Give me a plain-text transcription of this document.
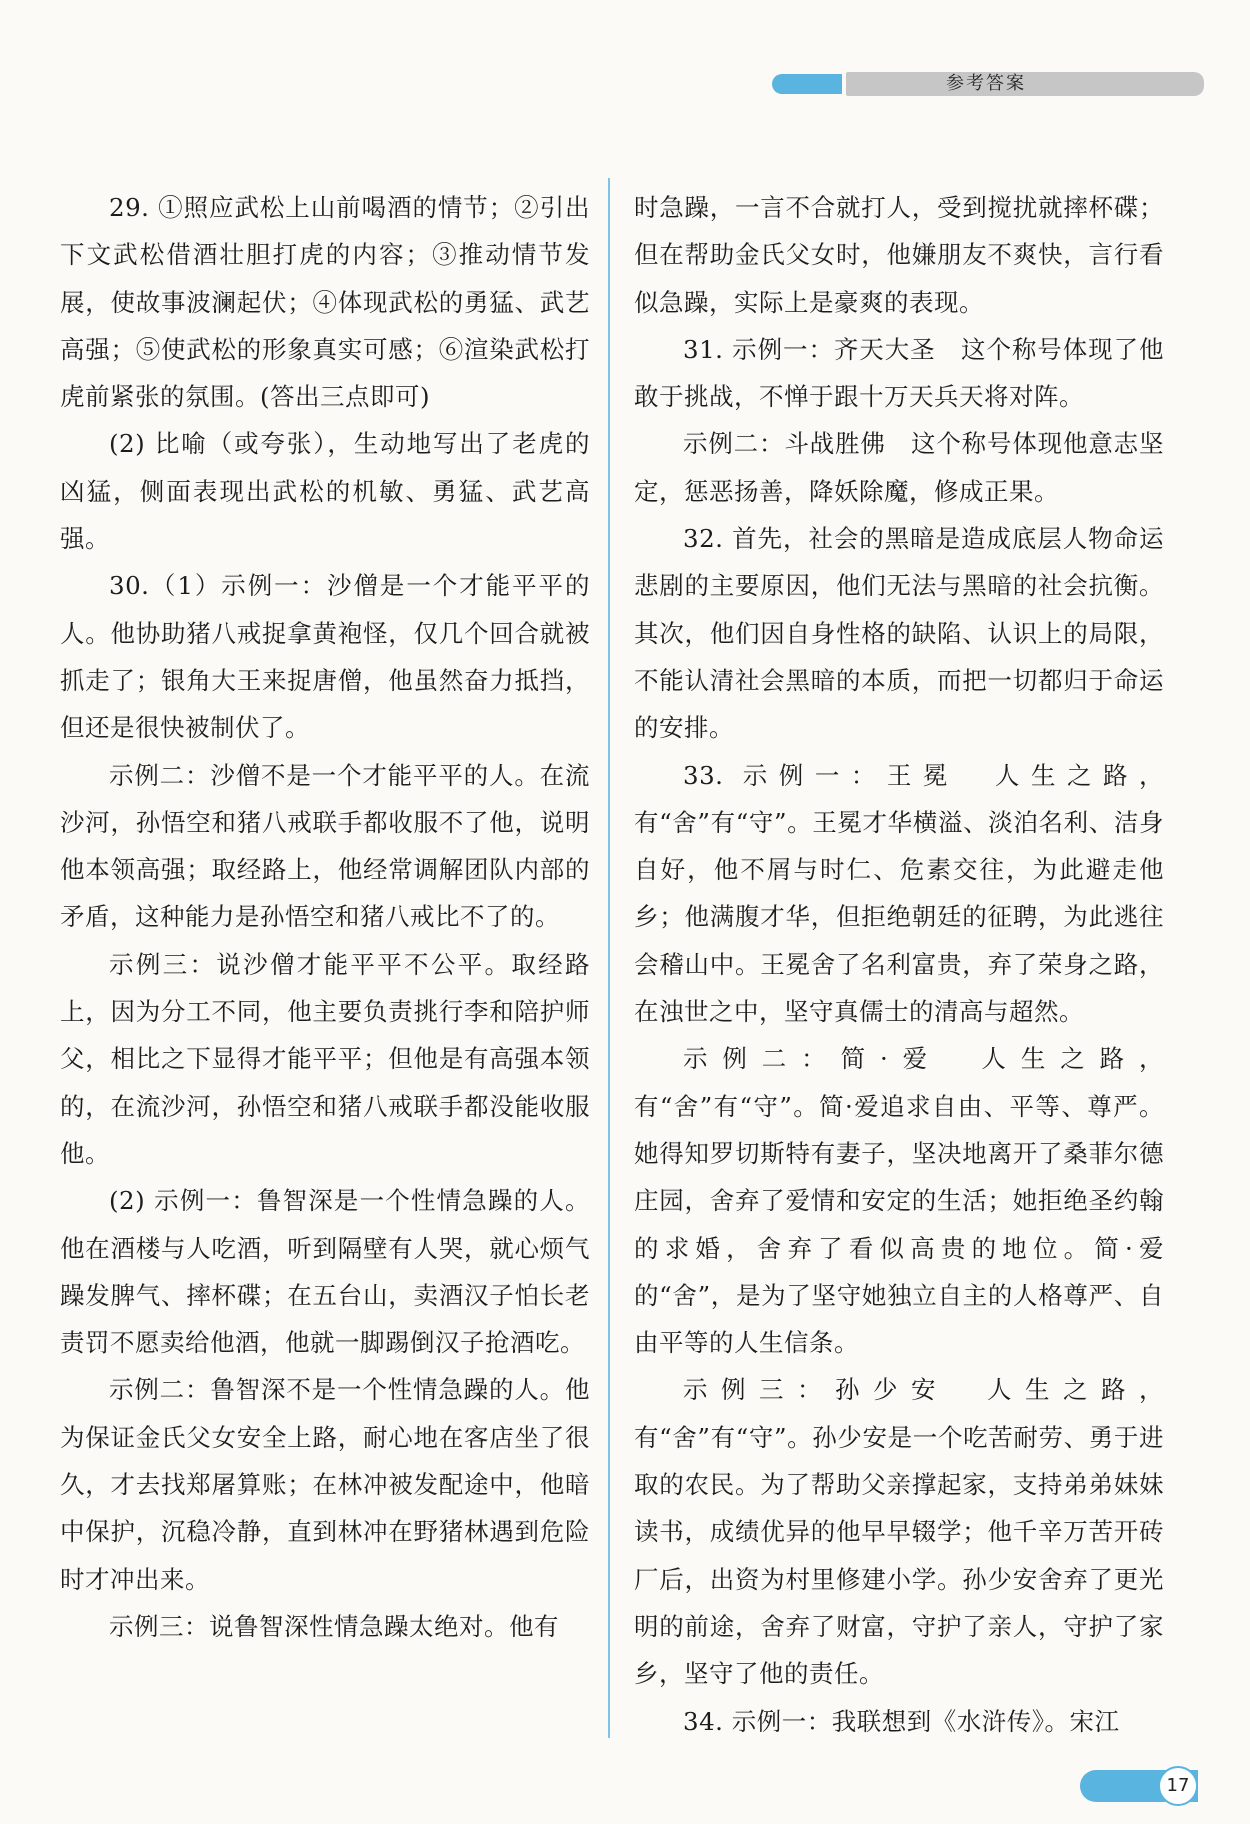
参考答案

29. ①照应武松上山前喝酒的情节；②引出下文武松借酒壮胆打虎的内容；③推动情节发展，使故事波澜起伏；④体现武松的勇猛、武艺高强；⑤使武松的形象真实可感；⑥渲染武松打虎前紧张的氛围。(答出三点即可)

(2) 比喻（或夸张），生动地写出了老虎的凶猛，侧面表现出武松的机敏、勇猛、武艺高强。

30.（1）示例一：沙僧是一个才能平平的人。他协助猪八戒捉拿黄袍怪，仅几个回合就被抓走了；银角大王来捉唐僧，他虽然奋力抵挡，但还是很快被制伏了。

示例二：沙僧不是一个才能平平的人。在流沙河，孙悟空和猪八戒联手都收服不了他，说明他本领高强；取经路上，他经常调解团队内部的矛盾，这种能力是孙悟空和猪八戒比不了的。

示例三：说沙僧才能平平不公平。取经路上，因为分工不同，他主要负责挑行李和陪护师父，相比之下显得才能平平；但他是有高强本领的，在流沙河，孙悟空和猪八戒联手都没能收服他。

(2) 示例一：鲁智深是一个性情急躁的人。他在酒楼与人吃酒，听到隔壁有人哭，就心烦气躁发脾气、摔杯碟；在五台山，卖酒汉子怕长老责罚不愿卖给他酒，他就一脚踢倒汉子抢酒吃。

示例二：鲁智深不是一个性情急躁的人。他为保证金氏父女安全上路，耐心地在客店坐了很久，才去找郑屠算账；在林冲被发配途中，他暗中保护，沉稳冷静，直到林冲在野猪林遇到危险时才冲出来。

示例三：说鲁智深性情急躁太绝对。他有

时急躁，一言不合就打人，受到搅扰就摔杯碟；但在帮助金氏父女时，他嫌朋友不爽快，言行看似急躁，实际上是豪爽的表现。

31. 示例一：齐天大圣　这个称号体现了他敢于挑战，不惮于跟十万天兵天将对阵。

示例二：斗战胜佛　这个称号体现他意志坚定，惩恶扬善，降妖除魔，修成正果。

32. 首先，社会的黑暗是造成底层人物命运悲剧的主要原因，他们无法与黑暗的社会抗衡。其次，他们因自身性格的缺陷、认识上的局限，不能认清社会黑暗的本质，而把一切都归于命运的安排。

33. 示例一：王冕　人生之路，有“舍”有“守”。王冕才华横溢、淡泊名利、洁身自好，他不屑与时仁、危素交往，为此避走他乡；他满腹才华，但拒绝朝廷的征聘，为此逃往会稽山中。王冕舍了名利富贵，弃了荣身之路，在浊世之中，坚守真儒士的清高与超然。

示例二：简·爱　人生之路，有“舍”有“守”。简·爱追求自由、平等、尊严。她得知罗切斯特有妻子，坚决地离开了桑菲尔德庄园，舍弃了爱情和安定的生活；她拒绝圣约翰的求婚，舍弃了看似高贵的地位。简·爱的“舍”，是为了坚守她独立自主的人格尊严、自由平等的人生信条。

示例三：孙少安　人生之路，有“舍”有“守”。孙少安是一个吃苦耐劳、勇于进取的农民。为了帮助父亲撑起家，支持弟弟妹妹读书，成绩优异的他早早辍学；他千辛万苦开砖厂后，出资为村里修建小学。孙少安舍弃了更光明的前途，舍弃了财富，守护了亲人，守护了家乡，坚守了他的责任。

34. 示例一：我联想到《水浒传》。宋江

17
